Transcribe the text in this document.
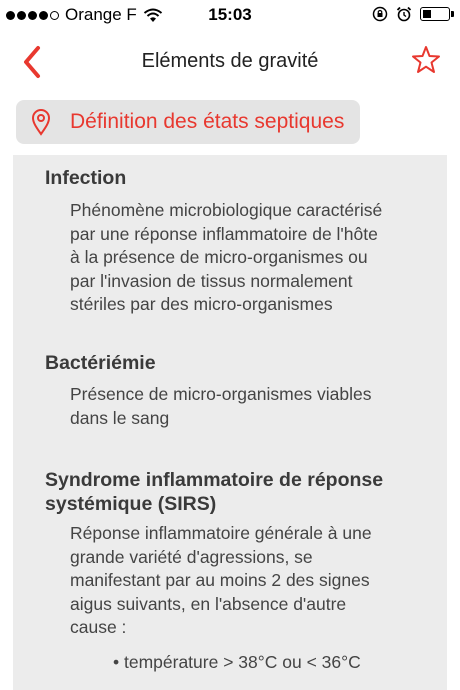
Orange F	15:03
Eléments de gravité
Définition des états septiques
Infection
Phénomène microbiologique caractérisé
par une réponse inflammatoire de l'hôte
à la présence de micro-organismes ou
par l'invasion de tissus normalement
stériles par des micro-organismes
Bactériémie
Présence de micro-organismes viables
dans le sang
Syndrome inflammatoire de réponse
systémique (SIRS)
Réponse inflammatoire générale à une
grande variété d'agressions, se
manifestant par au moins 2 des signes
aigus suivants, en l'absence d'autre
cause :
• température > 38°C ou < 36°C
